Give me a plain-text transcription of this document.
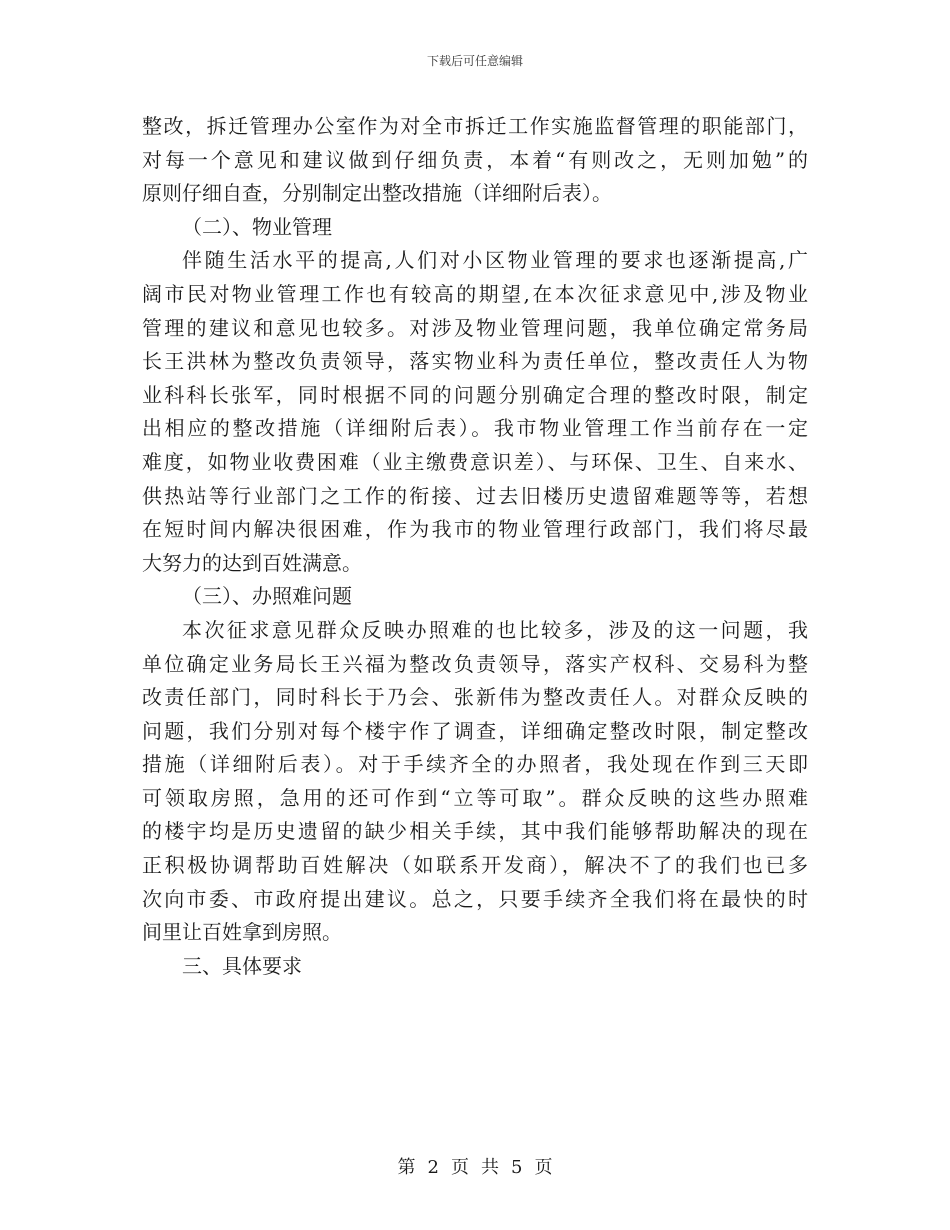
下载后可任意编辑
整改，拆迁管理办公室作为对全市拆迁工作实施监督管理的职能部门，
对每一个意见和建议做到仔细负责，本着“有则改之，无则加勉”的
原则仔细自查，分别制定出整改措施（详细附后表）。
（二）、物业管理
伴随生活水平的提高,人们对小区物业管理的要求也逐渐提高,广
阔市民对物业管理工作也有较高的期望,在本次征求意见中,涉及物业
管理的建议和意见也较多。对涉及物业管理问题，我单位确定常务局
长王洪林为整改负责领导，落实物业科为责任单位，整改责任人为物
业科科长张军，同时根据不同的问题分别确定合理的整改时限，制定
出相应的整改措施（详细附后表）。我市物业管理工作当前存在一定
难度，如物业收费困难（业主缴费意识差）、与环保、卫生、自来水、
供热站等行业部门之工作的衔接、过去旧楼历史遗留难题等等，若想
在短时间内解决很困难，作为我市的物业管理行政部门，我们将尽最
大努力的达到百姓满意。
（三）、办照难问题
本次征求意见群众反映办照难的也比较多，涉及的这一问题，我
单位确定业务局长王兴福为整改负责领导，落实产权科、交易科为整
改责任部门，同时科长于乃会、张新伟为整改责任人。对群众反映的
问题，我们分别对每个楼宇作了调查，详细确定整改时限，制定整改
措施（详细附后表）。对于手续齐全的办照者，我处现在作到三天即
可领取房照，急用的还可作到“立等可取”。群众反映的这些办照难
的楼宇均是历史遗留的缺少相关手续，其中我们能够帮助解决的现在
正积极协调帮助百姓解决（如联系开发商），解决不了的我们也已多
次向市委、市政府提出建议。总之，只要手续齐全我们将在最快的时
间里让百姓拿到房照。
三、具体要求
第 2 页 共 5 页
